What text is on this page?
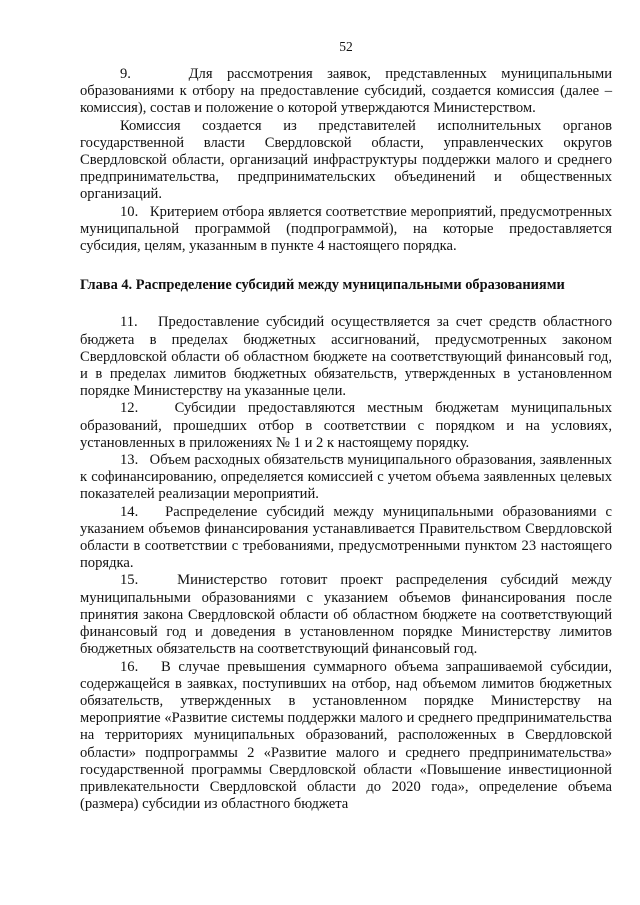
52

9.    Для рассмотрения заявок, представленных муниципальными образованиями к отбору на предоставление субсидий, создается комиссия (далее – комиссия), состав и положение о которой утверждаются Министерством.

Комиссия создается из представителей исполнительных органов государственной власти Свердловской области, управленческих округов Свердловской области, организаций инфраструктуры поддержки малого и среднего предпринимательства, предпринимательских объединений и общественных организаций.

10.   Критерием отбора является соответствие мероприятий, предусмотренных муниципальной программой (подпрограммой), на которые предоставляется субсидия, целям, указанным в пункте 4 настоящего порядка.

Глава 4. Распределение субсидий между муниципальными образованиями

11.   Предоставление субсидий осуществляется за счет средств областного бюджета в пределах бюджетных ассигнований, предусмотренных законом Свердловской области об областном бюджете на соответствующий финансовый год, и в пределах лимитов бюджетных обязательств, утвержденных в установленном порядке Министерству на указанные цели.

12.   Субсидии предоставляются местным бюджетам муниципальных образований, прошедших отбор в соответствии с порядком и на условиях, установленных в приложениях № 1 и 2 к настоящему порядку.

13.   Объем расходных обязательств муниципального образования, заявленных к софинансированию, определяется комиссией с учетом объема заявленных целевых показателей реализации мероприятий.

14.   Распределение субсидий между муниципальными образованиями с указанием объемов финансирования устанавливается Правительством Свердловской области в соответствии с требованиями, предусмотренными пунктом 23 настоящего порядка.

15.   Министерство готовит проект распределения субсидий между муниципальными образованиями с указанием объемов финансирования после принятия закона Свердловской области об областном бюджете на соответствующий финансовый год и доведения в установленном порядке Министерству лимитов бюджетных обязательств на соответствующий финансовый год.

16.   В случае превышения суммарного объема запрашиваемой субсидии, содержащейся в заявках, поступивших на отбор, над объемом лимитов бюджетных обязательств, утвержденных в установленном порядке Министерству на мероприятие «Развитие системы поддержки малого и среднего предпринимательства на территориях муниципальных образований, расположенных в Свердловской области» подпрограммы 2 «Развитие малого и среднего предпринимательства» государственной программы Свердловской области «Повышение инвестиционной привлекательности Свердловской области до 2020 года», определение объема (размера) субсидии из областного бюджета
